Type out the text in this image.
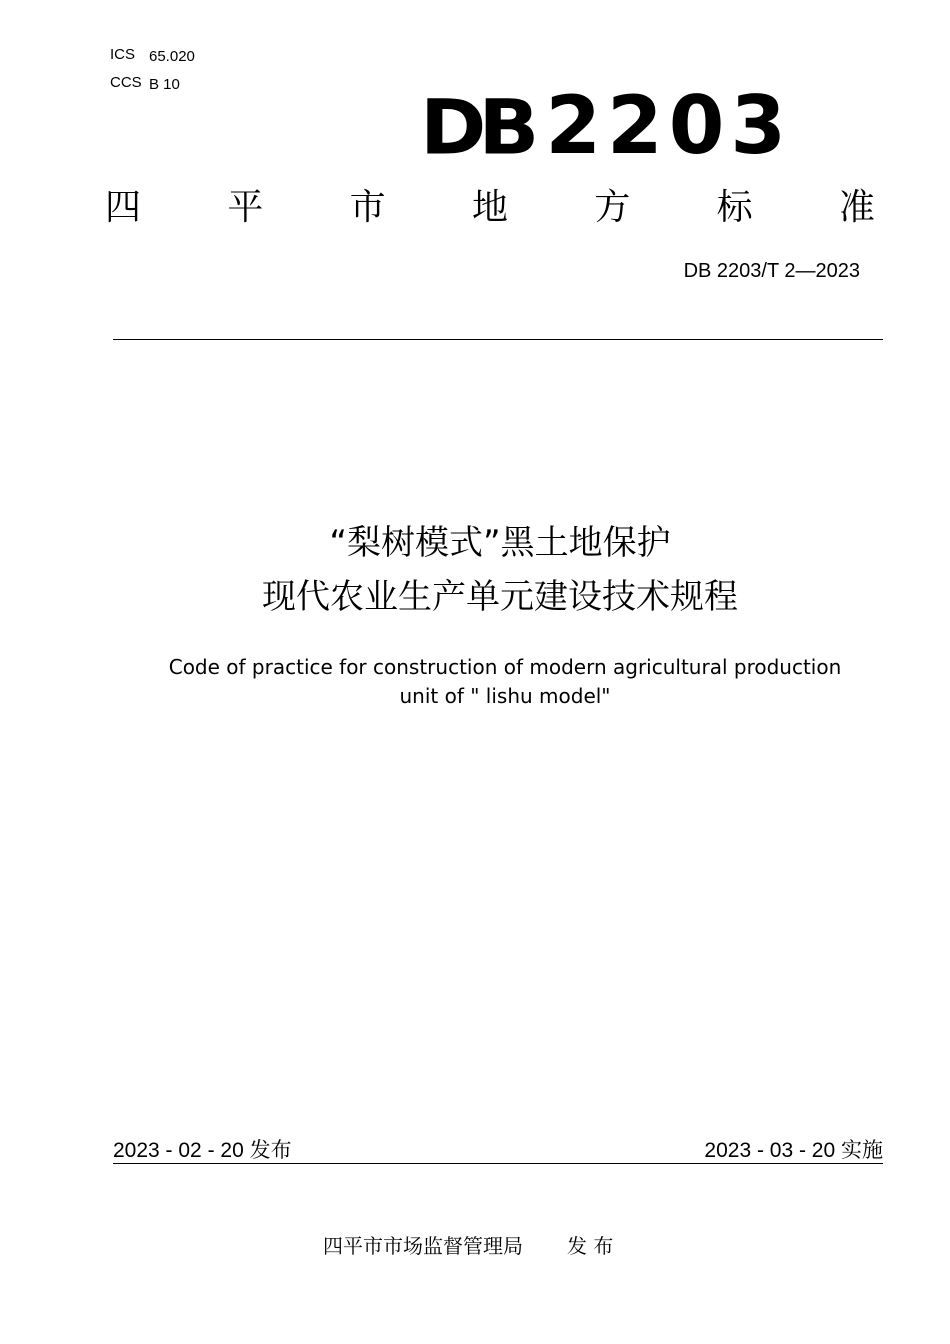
ICS 65.020
CCS B 10	DB 2203
四 平 市 地 方 标 准
DB 2203/T 2—2023
“梨树模式”黑土地保护
现代农业生产单元建设技术规程
Code of practice for construction of modern agricultural production
unit of " lishu model"
2023 - 02 - 20 发布	2023 - 03 - 20 实施
四平市市场监督管理局 发 布
